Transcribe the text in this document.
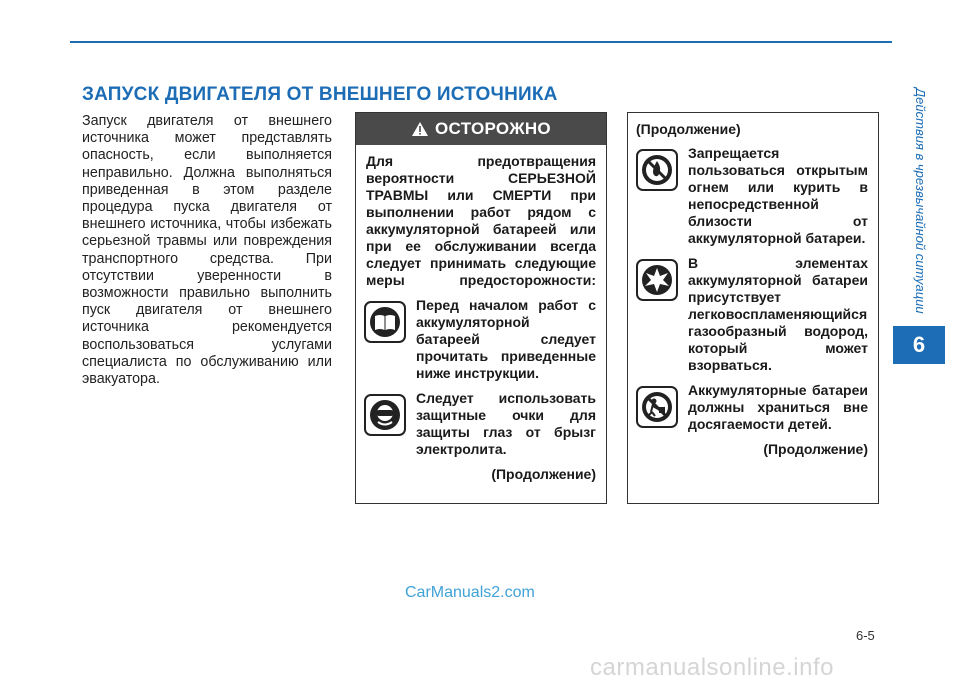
ЗАПУСК ДВИГАТЕЛЯ ОТ ВНЕШНЕГО ИСТОЧНИКА

Запуск двигателя от внешнего источника может представлять опасность, если выполняется неправильно. Должна выполняться приведенная в этом разделе процедура пуска двигателя от внешнего источника, чтобы избежать серьезной травмы или повреждения транспортного средства. При отсутствии уверенности в возможности правильно выполнить пуск двигателя от внешнего источника рекомендуется воспользоваться услугами специалиста по обслуживанию или эвакуатора.

ОСТОРОЖНО
Для предотвращения вероятности СЕРЬЕЗНОЙ ТРАВМЫ или СМЕРТИ при выполнении работ рядом с аккумуляторной батареей или при ее обслуживании всегда следует принимать следующие меры предосторожности:
Перед началом работ с аккумуляторной батареей следует прочитать приведенные ниже инструкции.
Следует использовать защитные очки для защиты глаз от брызг электролита.
(Продолжение)
(Продолжение)
Запрещается пользоваться открытым огнем или курить в непосредственной близости от аккумуляторной батареи.
В элементах аккумуляторной батареи присутствует легковоспламеняющийся газообразный водород, который может взорваться.
Аккумуляторные батареи должны храниться вне досягаемости детей.
(Продолжение)
Действия в чрезвычайной ситуации
6
6-5
CarManuals2.com
carmanualsonline.info
